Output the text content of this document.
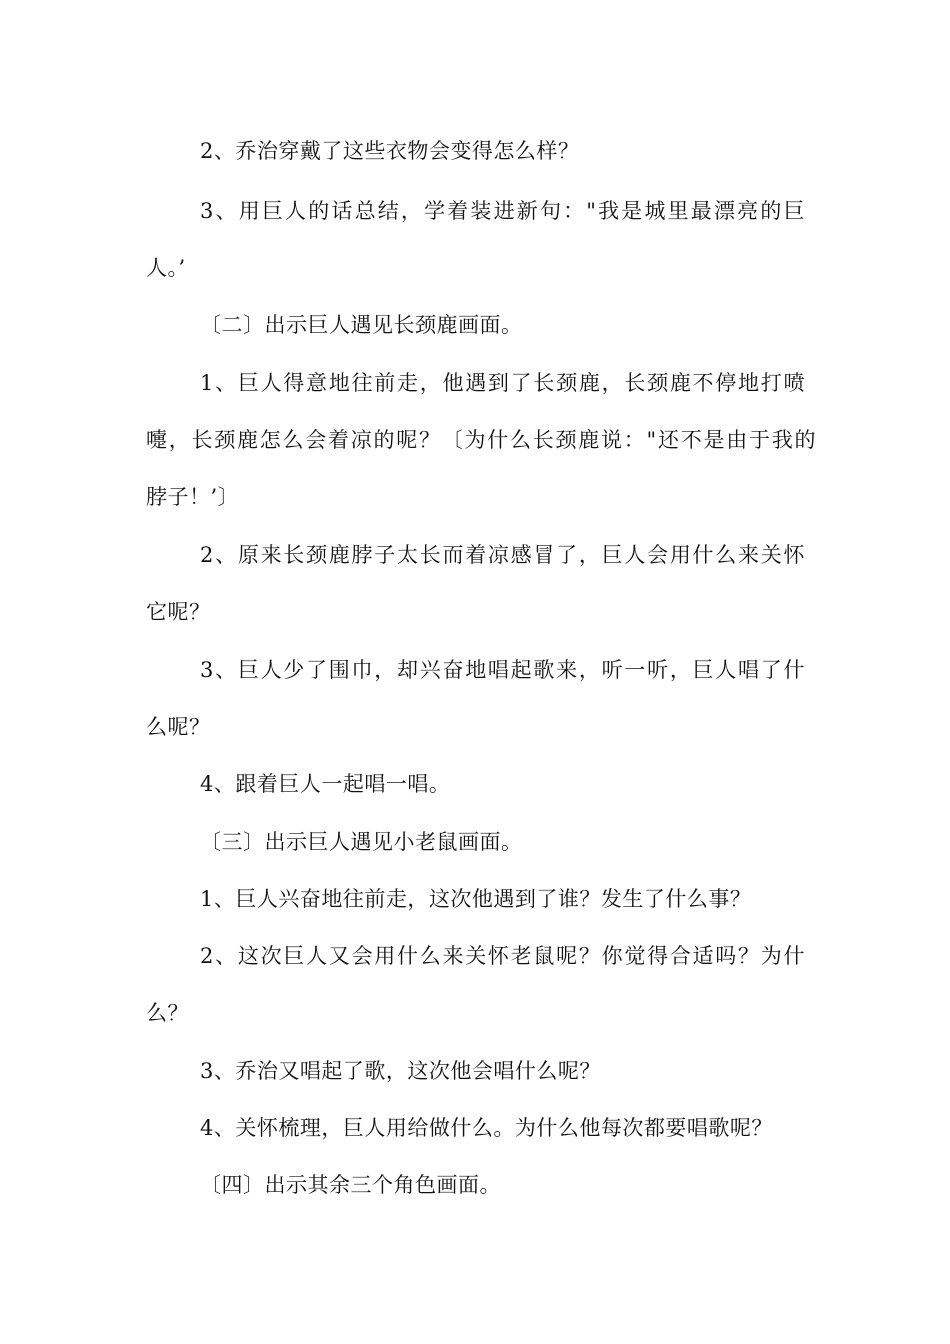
2、乔治穿戴了这些衣物会变得怎么样？
3、用巨人的话总结，学着装进新句："我是城里最漂亮的巨
人。’
〔二〕出示巨人遇见长颈鹿画面。
1、巨人得意地往前走，他遇到了长颈鹿，长颈鹿不停地打喷
嚏，长颈鹿怎么会着凉的呢？〔为什么长颈鹿说："还不是由于我的
脖子！’〕
2、原来长颈鹿脖子太长而着凉感冒了，巨人会用什么来关怀
它呢？
3、巨人少了围巾，却兴奋地唱起歌来，听一听，巨人唱了什
么呢？
4、跟着巨人一起唱一唱。
〔三〕出示巨人遇见小老鼠画面。
1、巨人兴奋地往前走，这次他遇到了谁？发生了什么事？
2、这次巨人又会用什么来关怀老鼠呢？你觉得合适吗？为什
么？
3、乔治又唱起了歌，这次他会唱什么呢？
4、关怀梳理，巨人用给做什么。为什么他每次都要唱歌呢？
〔四〕出示其余三个角色画面。
